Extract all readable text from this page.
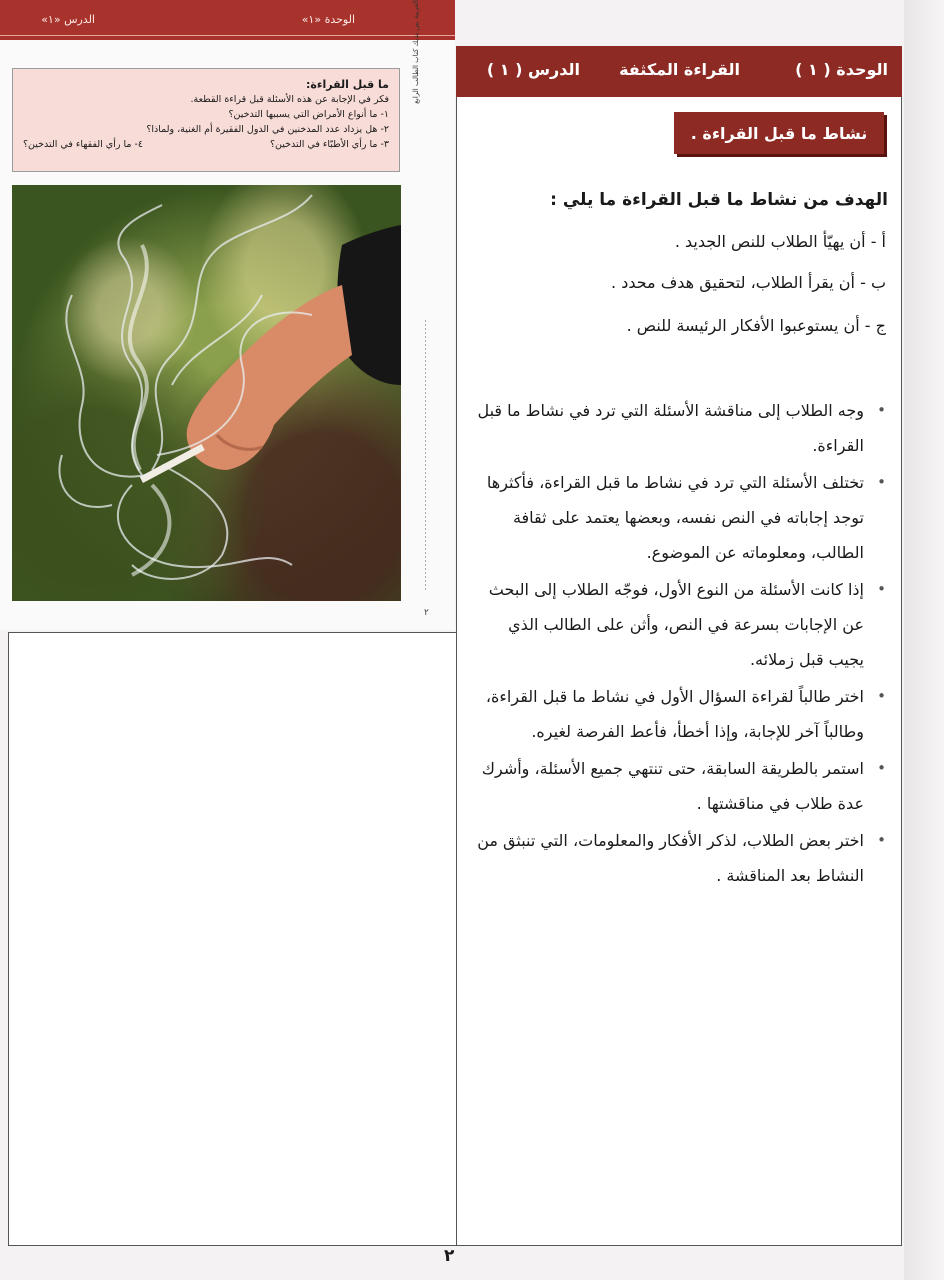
الوحدة «١»
الدرس «١»
ما قبل القراءة:
فكر في الإجابة عن هذه الأسئلة قبل قراءة القطعة.
١- ما أنواع الأمراض التي يسببها التدخين؟
٢- هل يزداد عدد المدخنين في الدول الفقيرة أم الغنية، ولماذا؟
٣- ما رأي الأطبّاء في التدخين؟
٤- ما رأي الفقهاء في التدخين؟
العربية بين يديك كتاب الطالب الرابع
٢
الوحدة ( ١ )
القراءة المكثفة
الدرس ( ١ )
نشاط ما قبل القراءة .
الهدف من نشاط ما قبل القراءة ما يلي :
أ - أن يهيّأ الطلاب للنص الجديد .
ب - أن يقرأ الطلاب، لتحقيق هدف محدد .
ج - أن يستوعبوا الأفكار الرئيسة للنص .
•
وجه الطلاب إلى مناقشة الأسئلة التي ترد في نشاط ما قبل القراءة.
•
تختلف الأسئلة التي ترد في نشاط ما قبل القراءة، فأكثرها توجد إجاباته في النص نفسه، وبعضها يعتمد على ثقافة الطالب، ومعلوماته عن الموضوع.
•
إذا كانت الأسئلة من النوع الأول، فوجّه الطلاب إلى البحث عن الإجابات بسرعة في النص، وأثن على الطالب الذي يجيب قبل زملائه.
•
اختر طالباً لقراءة السؤال الأول في نشاط ما قبل القراءة، وطالباً آخر للإجابة، وإذا أخطأ، فأعط الفرصة لغيره.
•
استمر بالطريقة السابقة، حتى تنتهي جميع الأسئلة، وأشرك عدة طلاب في مناقشتها .
•
اختر بعض الطلاب، لذكر الأفكار والمعلومات، التي تنبثق من النشاط بعد المناقشة .
٢
